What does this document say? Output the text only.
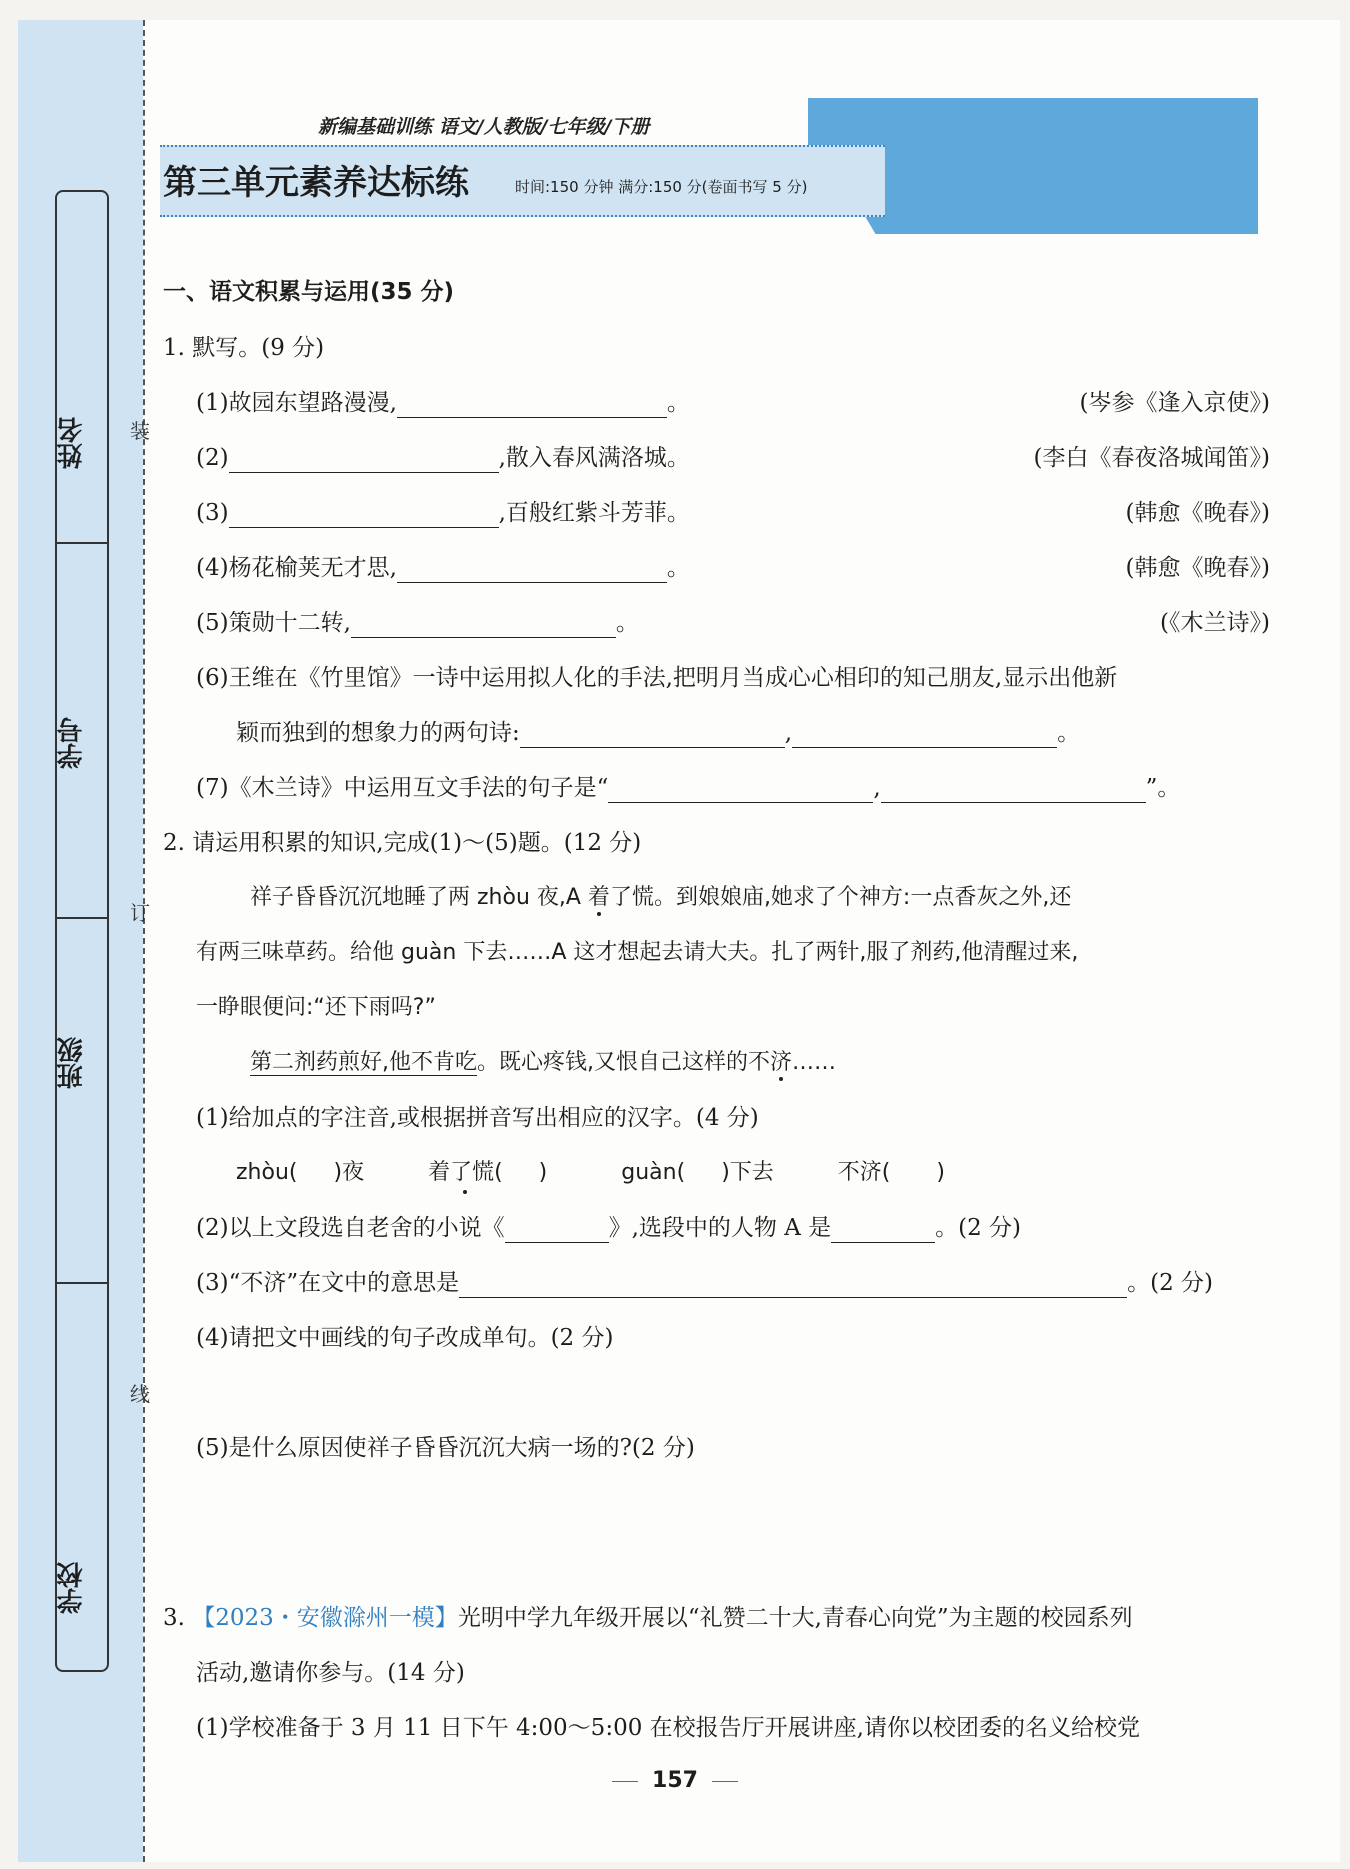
姓名
学号
班级
学校
装
订
线
新编基础训练 语文/人教版/七年级/下册
第三单元素养达标练	时间:150 分钟 满分:150 分(卷面书写 5 分)
一、语文积累与运用(35 分)
1. 默写。(9 分)
(1)故园东望路漫漫,	。	(岑参《逢入京使》)
(2)	,散入春风满洛城。	(李白《春夜洛城闻笛》)
(3)	,百般红紫斗芳菲。	(韩愈《晚春》)
(4)杨花榆荚无才思,	。	(韩愈《晚春》)
(5)策勋十二转,	。	(《木兰诗》)
(6)王维在《竹里馆》一诗中运用拟人化的手法,把明月当成心心相印的知己朋友,显示出他新
颖而独到的想象力的两句诗:	,	。
(7)《木兰诗》中运用互文手法的句子是“	,	”。
2. 请运用积累的知识,完成(1)～(5)题。(12 分)
祥子昏昏沉沉地睡了两 zhòu 夜,A 着了慌。到娘娘庙,她求了个神方:一点香灰之外,还
有两三味草药。给他 guàn 下去……A 这才想起去请大夫。扎了两针,服了剂药,他清醒过来,
一睁眼便问:“还下雨吗?”
第二剂药煎好,他不肯吃。既心疼钱,又恨自己这样的不济……
(1)给加点的字注音,或根据拼音写出相应的汉字。(4 分)
zhòu( )夜	着了慌( )	guàn( )下去	不济( )
(2)以上文段选自老舍的小说《	》,选段中的人物 A 是	。(2 分)
(3)“不济”在文中的意思是	。(2 分)
(4)请把文中画线的句子改成单句。(2 分)
(5)是什么原因使祥子昏昏沉沉大病一场的?(2 分)
3. 【2023・安徽滁州一模】光明中学九年级开展以“礼赞二十大,青春心向党”为主题的校园系列
活动,邀请你参与。(14 分)
(1)学校准备于 3 月 11 日下午 4:00～5:00 在校报告厅开展讲座,请你以校团委的名义给校党
157
